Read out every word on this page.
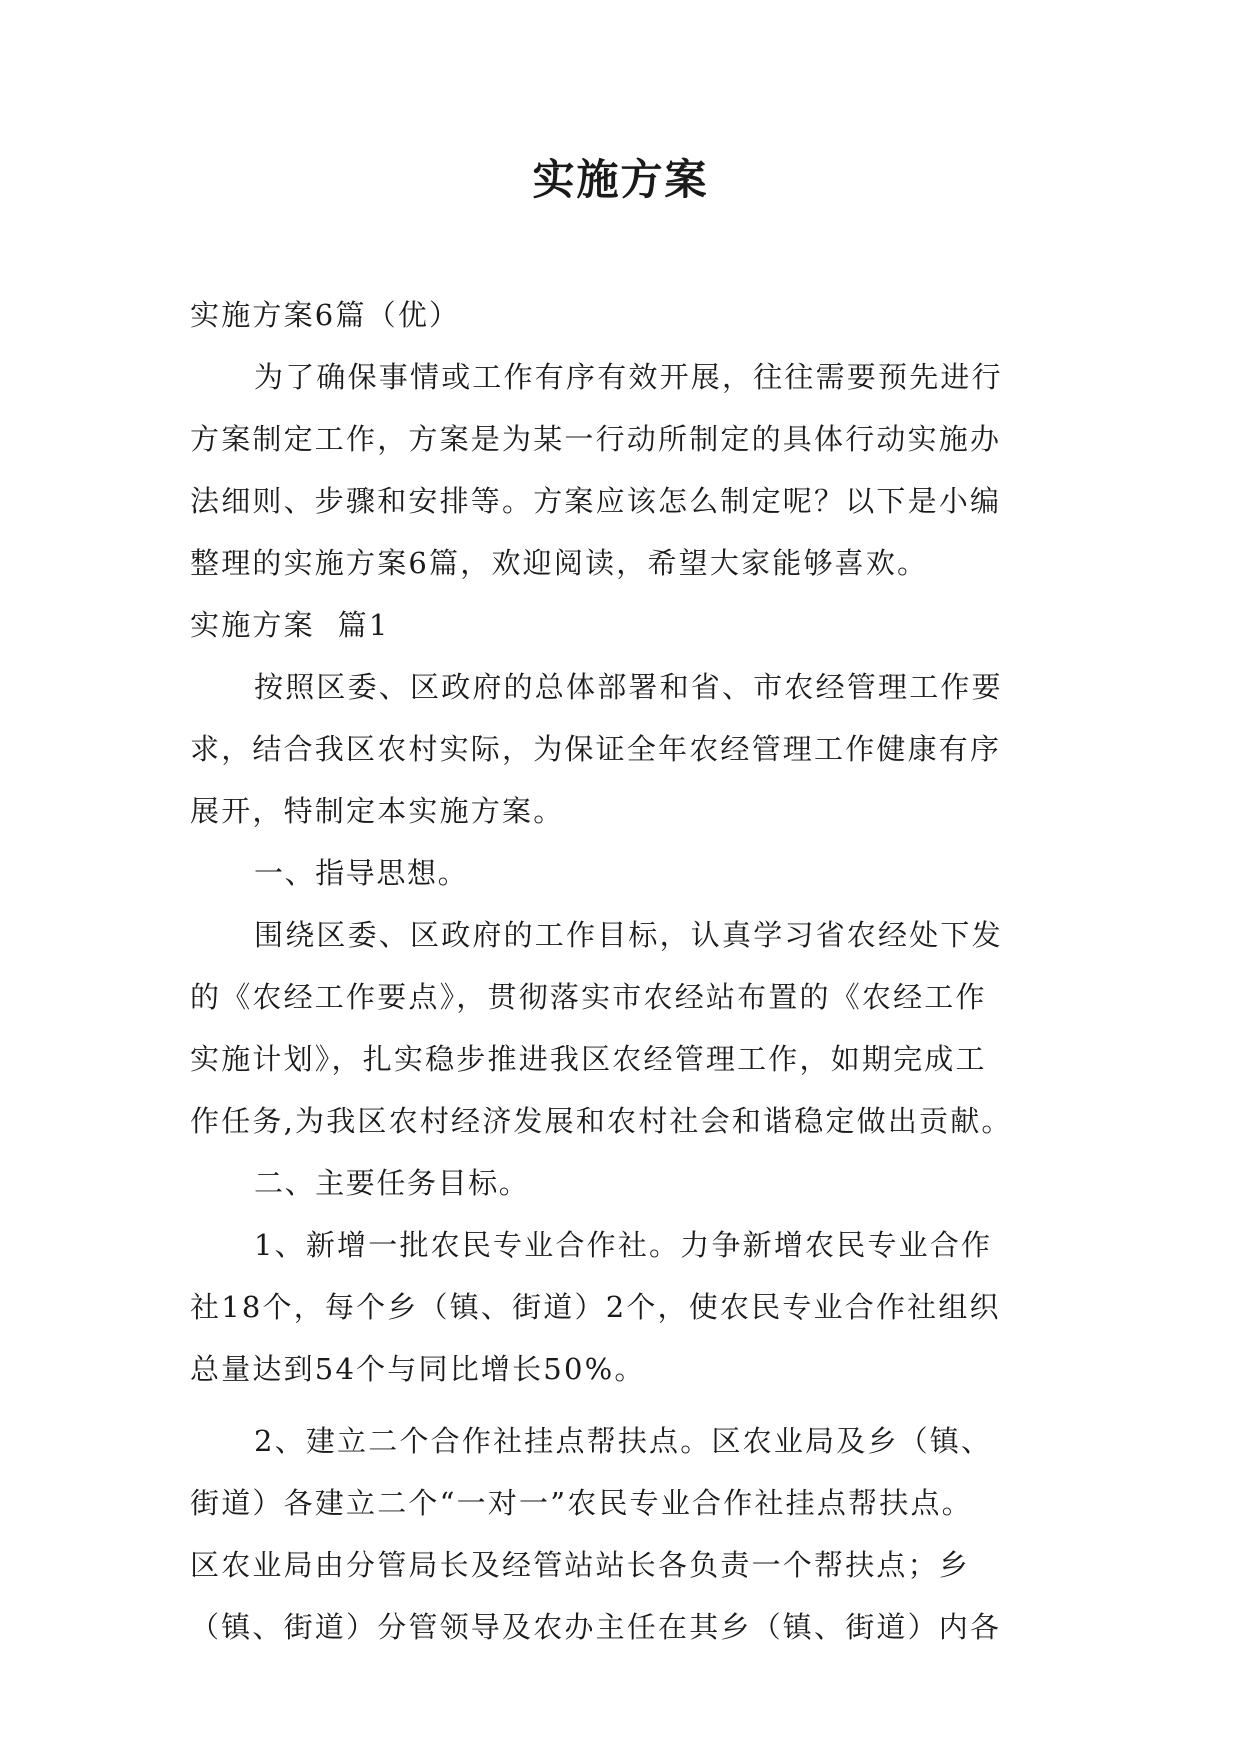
实施方案

实施方案6篇（优）

为了确保事情或工作有序有效开展，往往需要预先进行

方案制定工作，方案是为某一行动所制定的具体行动实施办

法细则、步骤和安排等。方案应该怎么制定呢？以下是小编

整理的实施方案6篇，欢迎阅读，希望大家能够喜欢。

实施方案  篇1

按照区委、区政府的总体部署和省、市农经管理工作要

求，结合我区农村实际，为保证全年农经管理工作健康有序

展开，特制定本实施方案。

一、指导思想。

围绕区委、区政府的工作目标，认真学习省农经处下发

的《农经工作要点》，贯彻落实市农经站布置的《农经工作

实施计划》，扎实稳步推进我区农经管理工作，如期完成工

作任务,为我区农村经济发展和农村社会和谐稳定做出贡献。

二、主要任务目标。

1、新增一批农民专业合作社。力争新增农民专业合作

社18个，每个乡（镇、街道）2个，使农民专业合作社组织

总量达到54个与同比增长50%。

2、建立二个合作社挂点帮扶点。区农业局及乡（镇、

街道）各建立二个“一对一”农民专业合作社挂点帮扶点。

区农业局由分管局长及经管站站长各负责一个帮扶点；乡

（镇、街道）分管领导及农办主任在其乡（镇、街道）内各
